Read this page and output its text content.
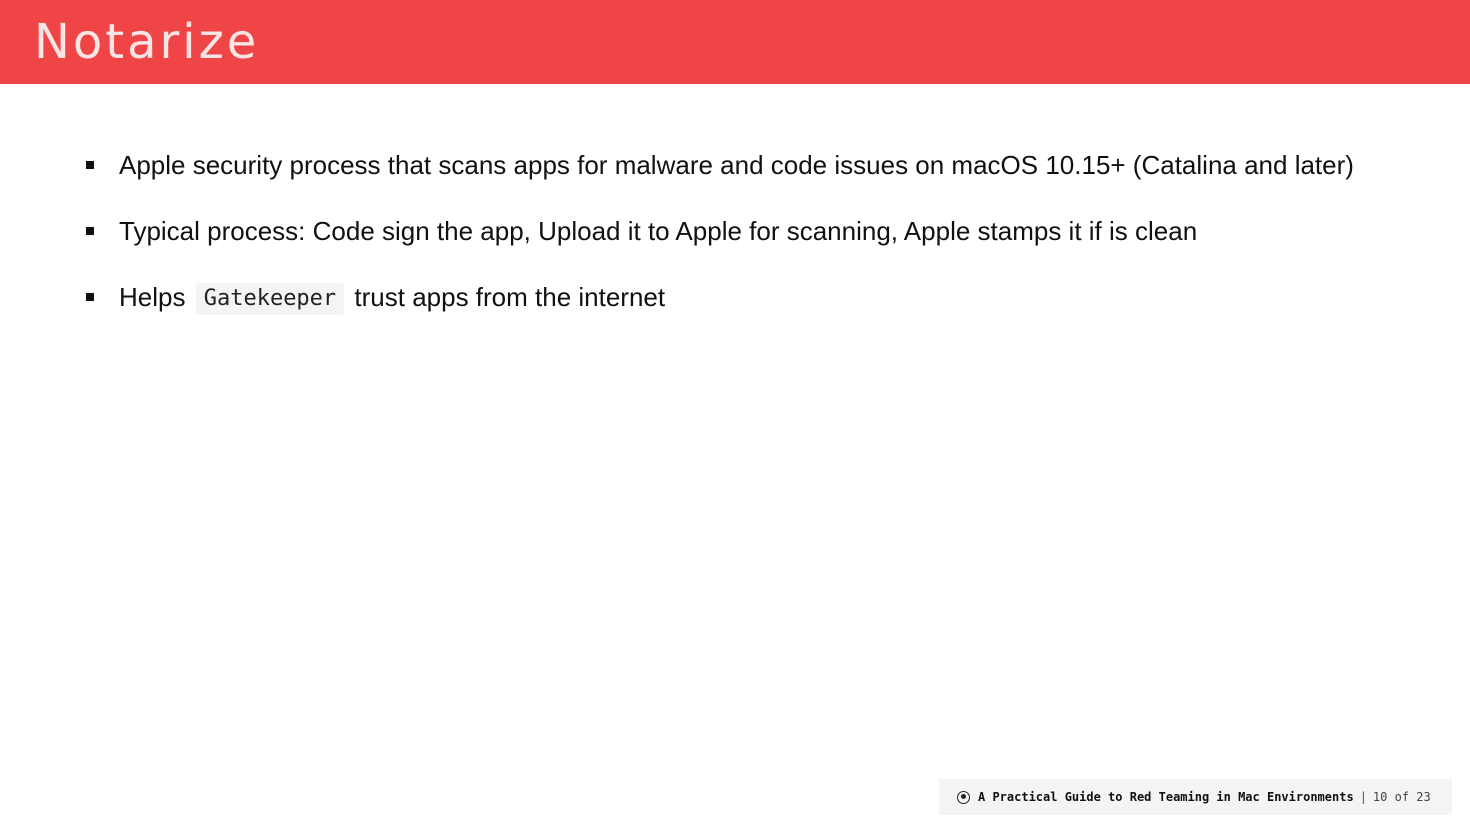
Notarize
Apple security process that scans apps for malware and code issues on macOS 10.15+ (Catalina and later)
Typical process: Code sign the app, Upload it to Apple for scanning, Apple stamps it if is clean
Helps Gatekeeper trust apps from the internet
A Practical Guide to Red Teaming in Mac Environments | 10 of 23
